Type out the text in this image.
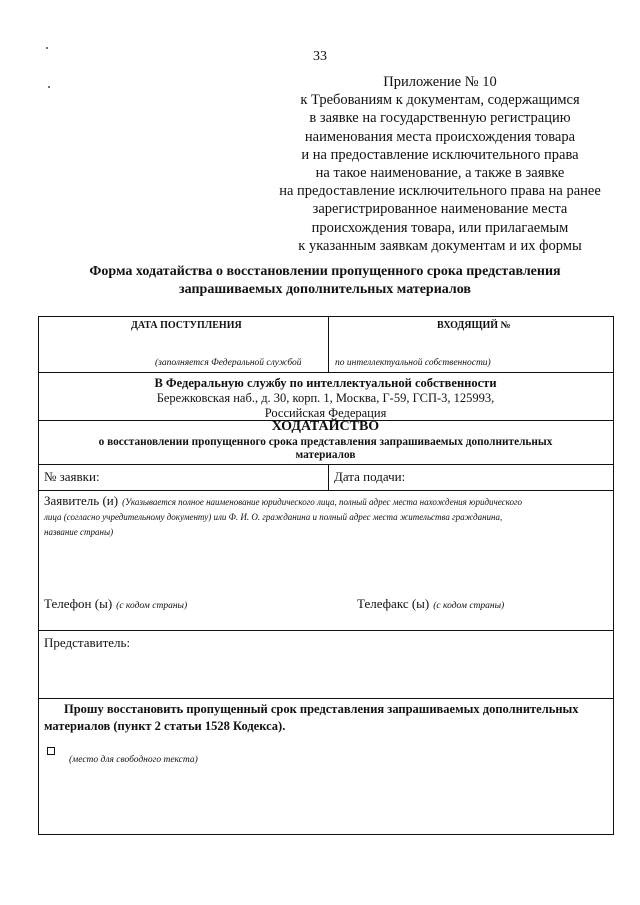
33
Приложение № 10
к Требованиям к документам, содержащимся
в заявке на государственную регистрацию
наименования места происхождения товара
и на предоставление исключительного права
на такое наименование, а также в заявке
на предоставление исключительного права на ранее
зарегистрированное наименование места
происхождения товара, или прилагаемым
к указанным заявкам документам и их формы
Форма ходатайства о восстановлении пропущенного срока представления
запрашиваемых дополнительных материалов
ДАТА ПОСТУПЛЕНИЯ	ВХОДЯЩИЙ №
(заполняется Федеральной службой	по интеллектуальной собственности)
В Федеральную службу по интеллектуальной собственности
Бережковская наб., д. 30, корп. 1, Москва, Г-59, ГСП-3, 125993,
Российская Федерация
ХОДАТАЙСТВО
о восстановлении пропущенного срока представления запрашиваемых дополнительных
материалов
№ заявки:	Дата подачи:
Заявитель (и) (Указывается полное наименование юридического лица, полный адрес места нахождения юридического
лица (согласно учредительному документу) или Ф. И. О. гражданина и полный адрес места жительства гражданина,
название страны)
Телефон (ы) (с кодом страны)	Телефакс (ы) (с кодом страны)
Представитель:
Прошу восстановить пропущенный срок представления запрашиваемых дополнительных
материалов (пункт 2 статьи 1528 Кодекса).
(место для свободного текста)
